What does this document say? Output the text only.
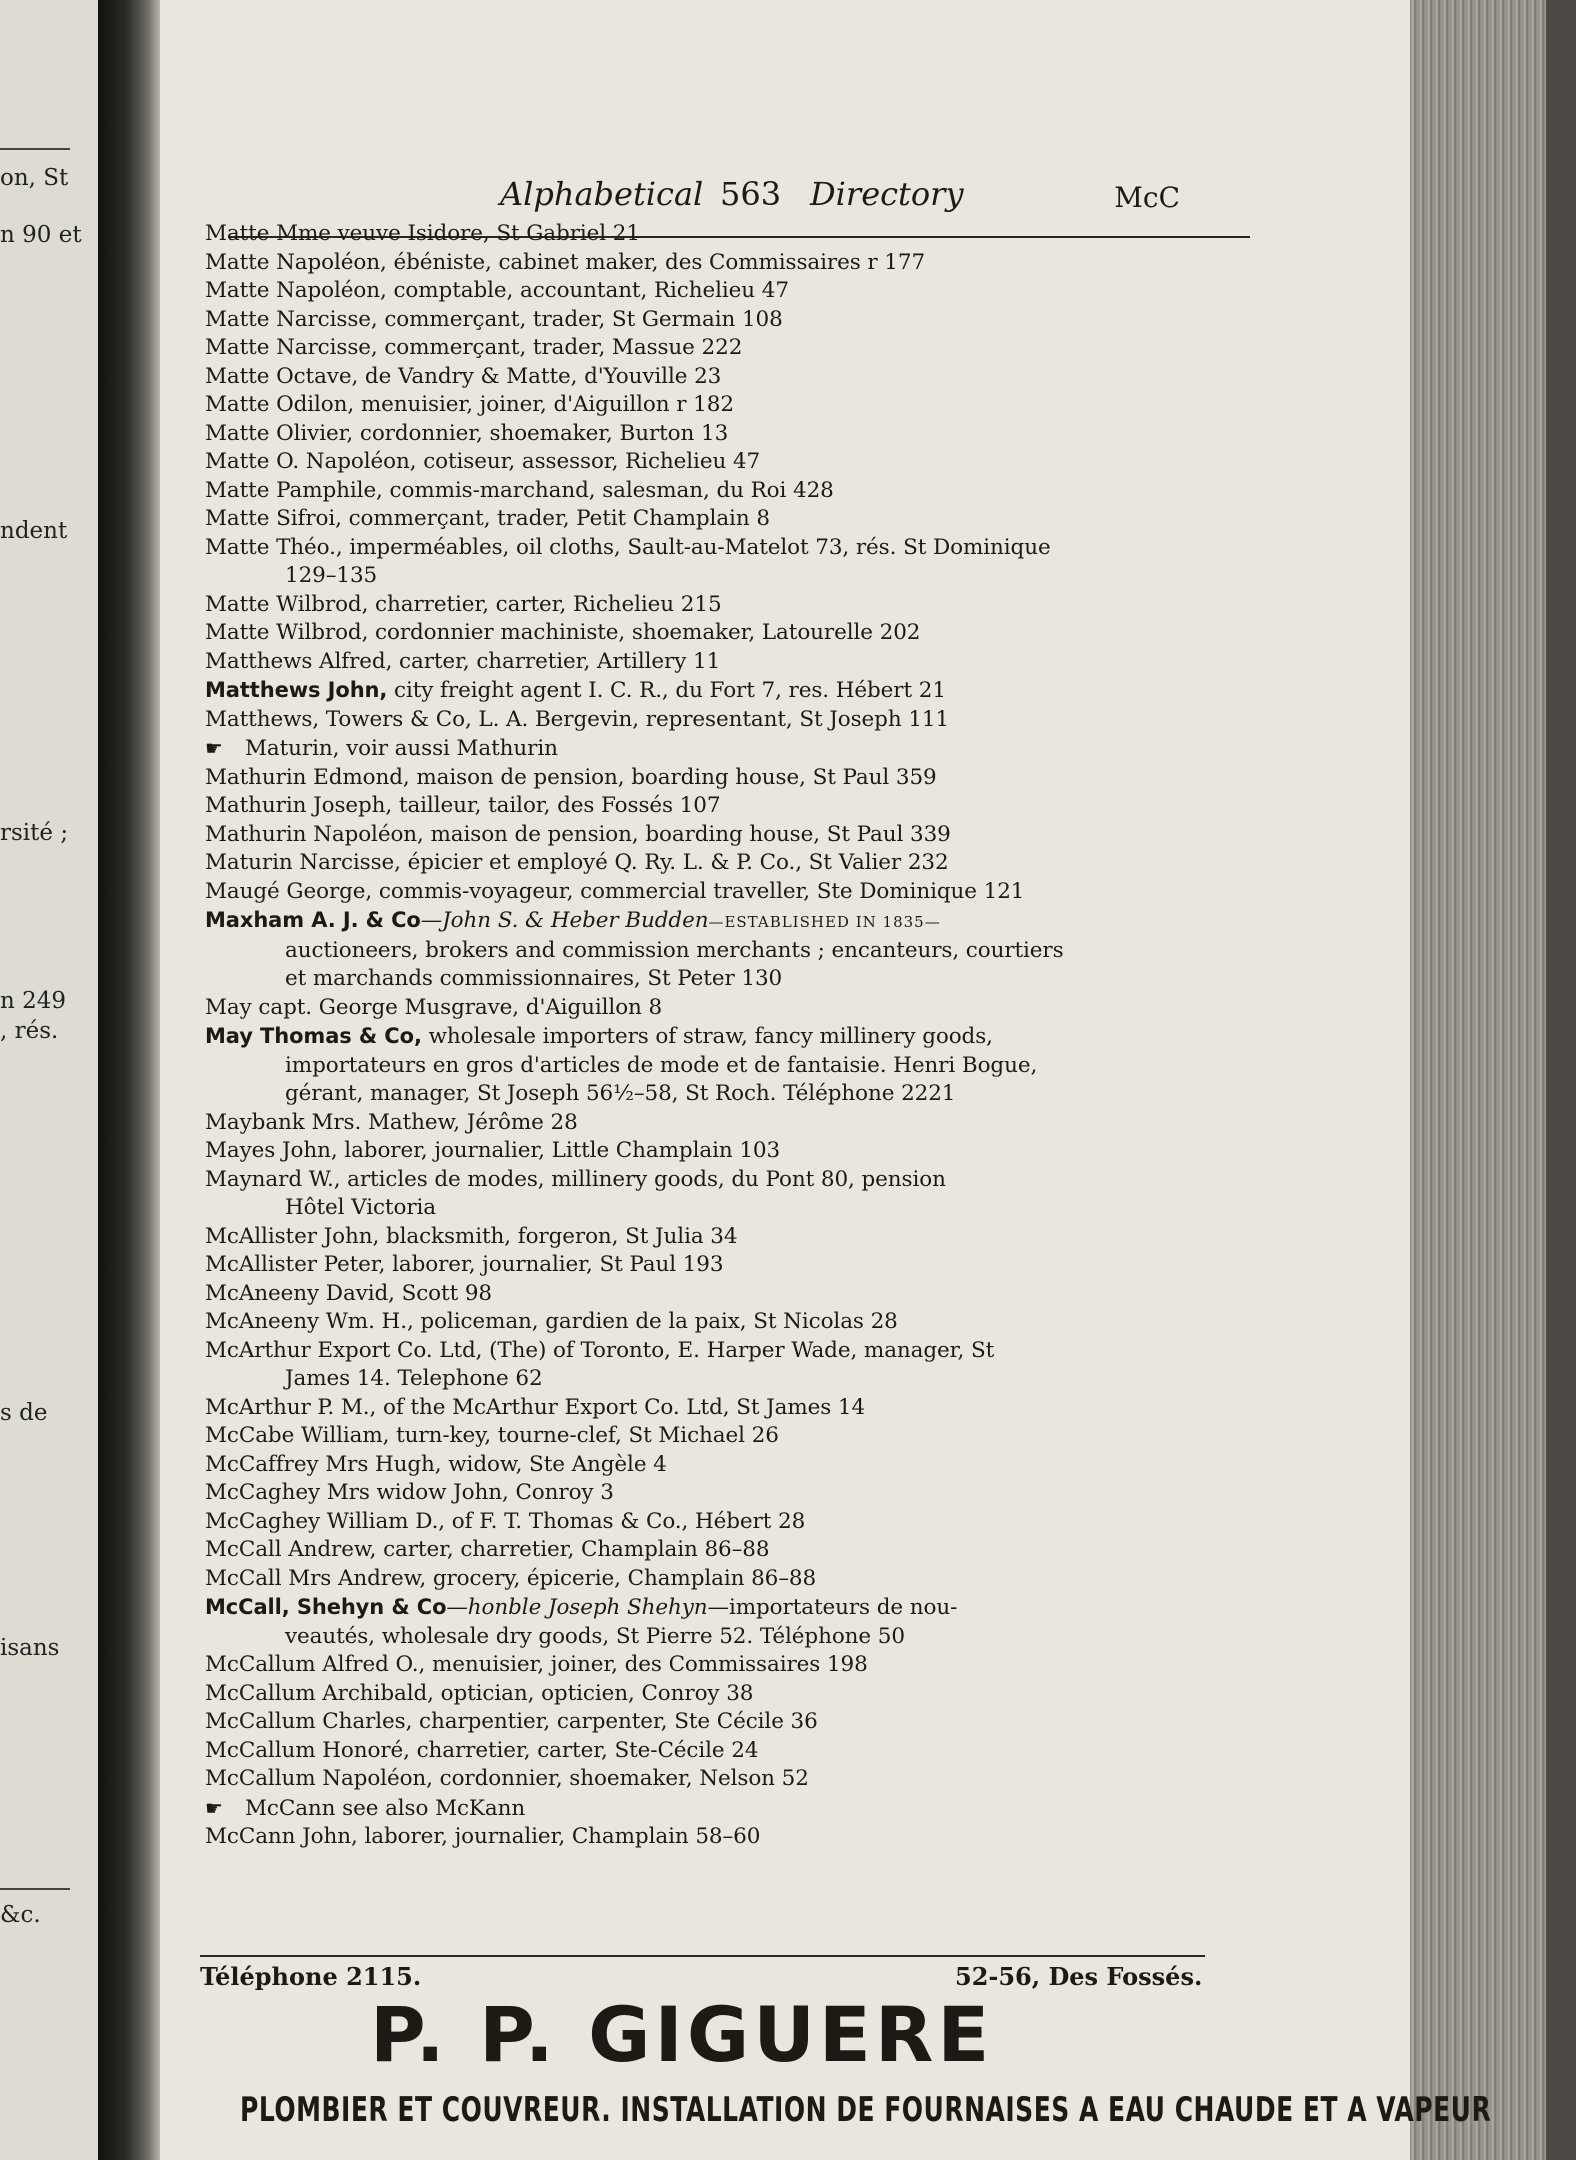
on, St
n 90 et
ndent
rsité ;
n 249
, rés.
s de
isans
&c.
Alphabetical 563 Directory	McC
Matte Mme veuve Isidore, St Gabriel 21
Matte Napoléon, ébéniste, cabinet maker, des Commissaires r 177
Matte Napoléon, comptable, accountant, Richelieu 47
Matte Narcisse, commerçant, trader, St Germain 108
Matte Narcisse, commerçant, trader, Massue 222
Matte Octave, de Vandry & Matte, d'Youville 23
Matte Odilon, menuisier, joiner, d'Aiguillon r 182
Matte Olivier, cordonnier, shoemaker, Burton 13
Matte O. Napoléon, cotiseur, assessor, Richelieu 47
Matte Pamphile, commis-marchand, salesman, du Roi 428
Matte Sifroi, commerçant, trader, Petit Champlain 8
Matte Théo., imperméables, oil cloths, Sault-au-Matelot 73, rés. St Dominique
129–135
Matte Wilbrod, charretier, carter, Richelieu 215
Matte Wilbrod, cordonnier machiniste, shoemaker, Latourelle 202
Matthews Alfred, carter, charretier, Artillery 11
Matthews John, city freight agent I. C. R., du Fort 7, res. Hébert 21
Matthews, Towers & Co, L. A. Bergevin, representant, St Joseph 111
☛ Maturin, voir aussi Mathurin
Mathurin Edmond, maison de pension, boarding house, St Paul 359
Mathurin Joseph, tailleur, tailor, des Fossés 107
Mathurin Napoléon, maison de pension, boarding house, St Paul 339
Maturin Narcisse, épicier et employé Q. Ry. L. & P. Co., St Valier 232
Maugé George, commis-voyageur, commercial traveller, Ste Dominique 121
Maxham A. J. & Co—John S. & Heber Budden—ESTABLISHED IN 1835—
auctioneers, brokers and commission merchants ; encanteurs, courtiers
et marchands commissionnaires, St Peter 130
May capt. George Musgrave, d'Aiguillon 8
May Thomas & Co, wholesale importers of straw, fancy millinery goods,
importateurs en gros d'articles de mode et de fantaisie. Henri Bogue,
gérant, manager, St Joseph 56½–58, St Roch. Téléphone 2221
Maybank Mrs. Mathew, Jérôme 28
Mayes John, laborer, journalier, Little Champlain 103
Maynard W., articles de modes, millinery goods, du Pont 80, pension
Hôtel Victoria
McAllister John, blacksmith, forgeron, St Julia 34
McAllister Peter, laborer, journalier, St Paul 193
McAneeny David, Scott 98
McAneeny Wm. H., policeman, gardien de la paix, St Nicolas 28
McArthur Export Co. Ltd, (The) of Toronto, E. Harper Wade, manager, St
James 14. Telephone 62
McArthur P. M., of the McArthur Export Co. Ltd, St James 14
McCabe William, turn-key, tourne-clef, St Michael 26
McCaffrey Mrs Hugh, widow, Ste Angèle 4
McCaghey Mrs widow John, Conroy 3
McCaghey William D., of F. T. Thomas & Co., Hébert 28
McCall Andrew, carter, charretier, Champlain 86–88
McCall Mrs Andrew, grocery, épicerie, Champlain 86–88
McCall, Shehyn & Co—honble Joseph Shehyn—importateurs de nou-
veautés, wholesale dry goods, St Pierre 52. Téléphone 50
McCallum Alfred O., menuisier, joiner, des Commissaires 198
McCallum Archibald, optician, opticien, Conroy 38
McCallum Charles, charpentier, carpenter, Ste Cécile 36
McCallum Honoré, charretier, carter, Ste-Cécile 24
McCallum Napoléon, cordonnier, shoemaker, Nelson 52
☛ McCann see also McKann
McCann John, laborer, journalier, Champlain 58–60
Téléphone 2115.	52-56, Des Fossés.
P. P. GIGUERE
PLOMBIER ET COUVREUR. INSTALLATION DE FOURNAISES A EAU CHAUDE ET A VAPEUR
